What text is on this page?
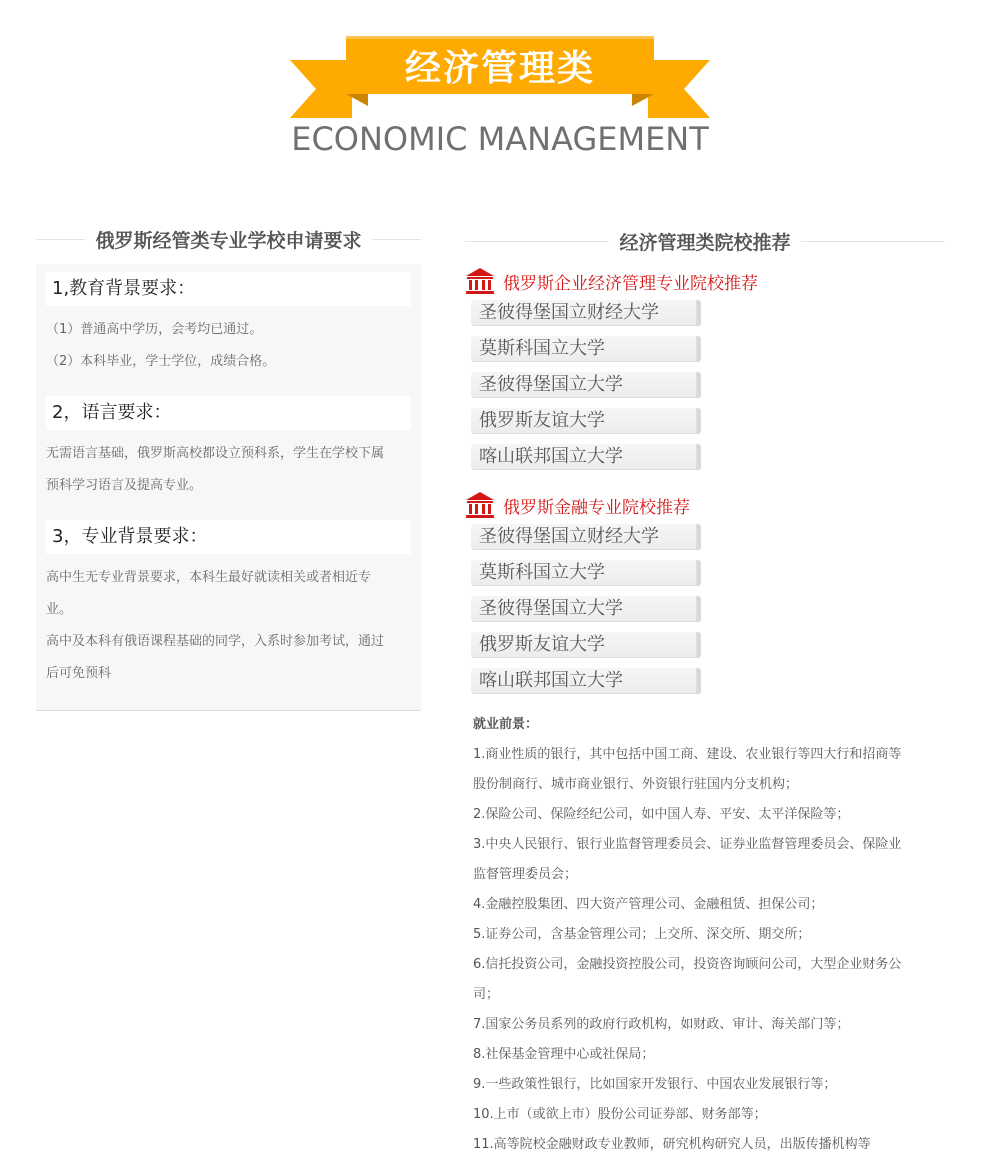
经济管理类
ECONOMIC MANAGEMENT
俄罗斯经管类专业学校申请要求
1,教育背景要求：
（1）普通高中学历，会考均已通过。
（2）本科毕业，学士学位，成绩合格。
2，语言要求：
无需语言基础，俄罗斯高校都设立预科系，学生在学校下属
预科学习语言及提高专业。
3，专业背景要求：
高中生无专业背景要求，本科生最好就读相关或者相近专
业。
高中及本科有俄语课程基础的同学，入系时参加考试，通过
后可免预科
经济管理类院校推荐
俄罗斯企业经济管理专业院校推荐
圣彼得堡国立财经大学
莫斯科国立大学
圣彼得堡国立大学
俄罗斯友谊大学
喀山联邦国立大学
俄罗斯金融专业院校推荐
圣彼得堡国立财经大学
莫斯科国立大学
圣彼得堡国立大学
俄罗斯友谊大学
喀山联邦国立大学
就业前景：
1.商业性质的银行，其中包括中国工商、建设、农业银行等四大行和招商等
股份制商行、城市商业银行、外资银行驻国内分支机构；
2.保险公司、保险经纪公司，如中国人寿、平安、太平洋保险等；
3.中央人民银行、银行业监督管理委员会、证券业监督管理委员会、保险业
监督管理委员会；
4.金融控股集团、四大资产管理公司、金融租赁、担保公司；
5.证券公司，含基金管理公司；上交所、深交所、期交所；
6.信托投资公司，金融投资控股公司，投资咨询顾问公司，大型企业财务公
司；
7.国家公务员系列的政府行政机构，如财政、审计、海关部门等；
8.社保基金管理中心或社保局；
9.一些政策性银行，比如国家开发银行、中国农业发展银行等；
10.上市（或欲上市）股份公司证券部、财务部等；
11.高等院校金融财政专业教师，研究机构研究人员，出版传播机构等
